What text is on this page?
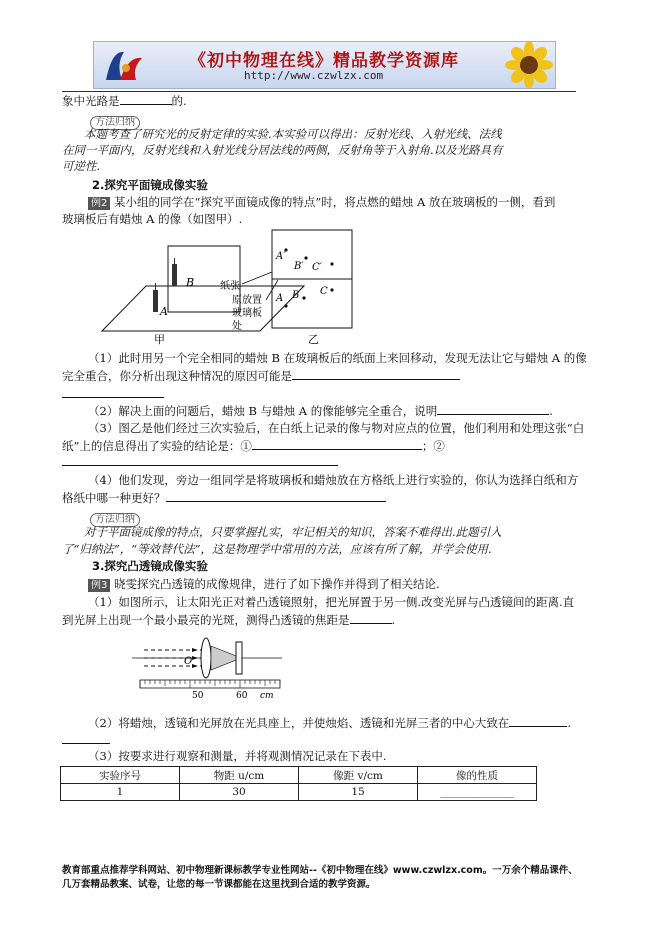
《初中物理在线》精品教学资源库
http://www.czwlzx.com
象中光路是	的.
方法归纳
本题考查了研究光的反射定律的实验.本实验可以得出：反射光线、入射光线、法线
在同一平面内，反射光线和入射光线分居法线的两侧，反射角等于入射角.以及光路具有
可逆性.
2.探究平面镜成像实验
例2 某小组的同学在“探究平面镜成像的特点”时，将点燃的蜡烛 A 放在玻璃板的一侧，看到
玻璃板后有蜡烛 A 的像（如图甲）.
B
A
甲
纸张
原放置
玻璃板
处
A′
B′ C′
A B C
乙
（1）此时用另一个完全相同的蜡烛 B 在玻璃板后的纸面上来回移动，发现无法让它与蜡烛 A 的像
完全重合，你分析出现这种情况的原因可能是
（2）解决上面的问题后，蜡烛 B 与蜡烛 A 的像能够完全重合，说明	.
（3）图乙是他们经过三次实验后，在白纸上记录的像与物对应点的位置，他们利用和处理这张“白
纸”上的信息得出了实验的结论是：①	；②
（4）他们发现，旁边一组同学是将玻璃板和蜡烛放在方格纸上进行实验的，你认为选择白纸和方
格纸中哪一种更好？
方法归纳
对于平面镜成像的特点，只要掌握扎实，牢记相关的知识，答案不难得出.此题引入
了“归纳法”，“等效替代法”，这是物理学中常用的方法，应该有所了解，并学会使用.
3.探究凸透镜成像实验
例3 晓雯探究凸透镜的成像规律，进行了如下操作并得到了相关结论.
（1）如图所示，让太阳光正对着凸透镜照射，把光屏置于另一侧.改变光屏与凸透镜间的距离.直
到光屏上出现一个最小最亮的光斑，测得凸透镜的焦距是	.
O
50	60 cm
（2）将蜡烛，透镜和光屏放在光具座上，并使烛焰、透镜和光屏三者的中心大致在	.
（3）按要求进行观察和测量，并将观测情况记录在下表中.
实验序号	物距 u/cm	像距 v/cm	像的性质
1	30	15	______________
教育部重点推荐学科网站、初中物理新课标教学专业性网站--《初中物理在线》www.czwlzx.com。一万余个精品课件、
几万套精品教案、试卷，让您的每一节课都能在这里找到合适的教学资源。
